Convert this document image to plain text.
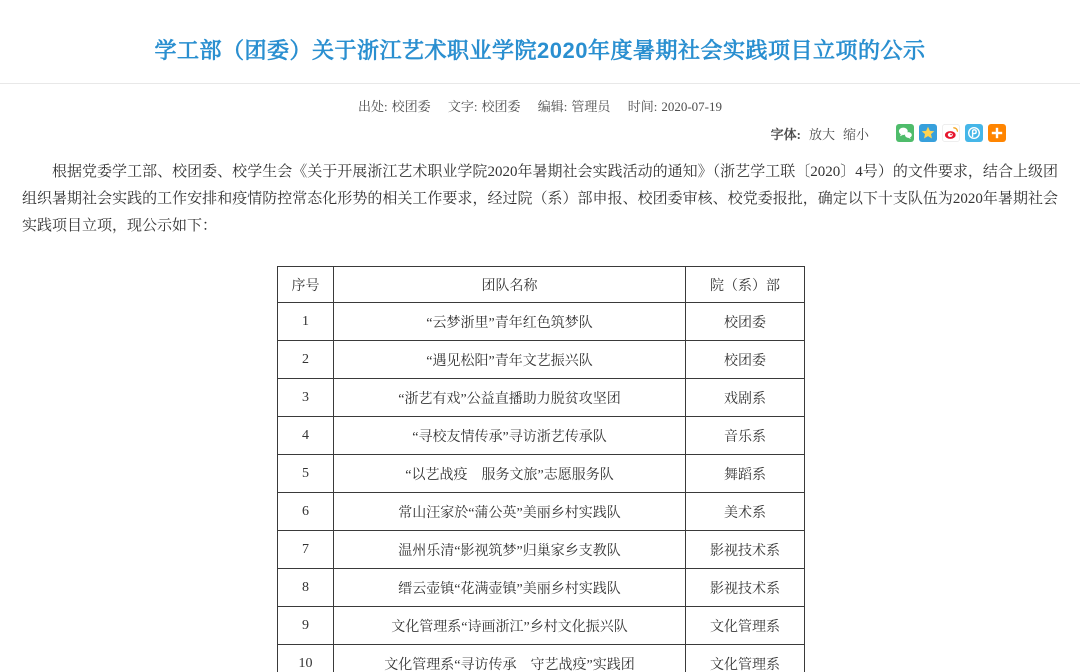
学工部（团委）关于浙江艺术职业学院2020年度暑期社会实践项目立项的公示
出处: 校团委 文字: 校团委 编辑: 管理员 时间: 2020-07-19
字体: 放大 缩小

根据党委学工部、校团委、校学生会《关于开展浙江艺术职业学院2020年暑期社会实践活动的通知》（浙艺学工联〔2020〕4号）的文件要求，结合上级团组织暑期社会实践的工作安排和疫情防控常态化形势的相关工作要求，经过院（系）部申报、校团委审核、校党委报批，确定以下十支队伍为2020年暑期社会实践项目立项，现公示如下：

序号	团队名称	院（系）部
1	“云梦浙里”青年红色筑梦队	校团委
2	“遇见松阳”青年文艺振兴队	校团委
3	“浙艺有戏”公益直播助力脱贫攻坚团	戏剧系
4	“寻校友情传承”寻访浙艺传承队	音乐系
5	“以艺战疫　服务文旅”志愿服务队	舞蹈系
6	常山汪家於“蒲公英”美丽乡村实践队	美术系
7	温州乐清“影视筑梦”归巢家乡支教队	影视技术系
8	缙云壶镇“花满壶镇”美丽乡村实践队	影视技术系
9	文化管理系“诗画浙江”乡村文化振兴队	文化管理系
10	文化管理系“寻访传承　守艺战疫”实践团	文化管理系
